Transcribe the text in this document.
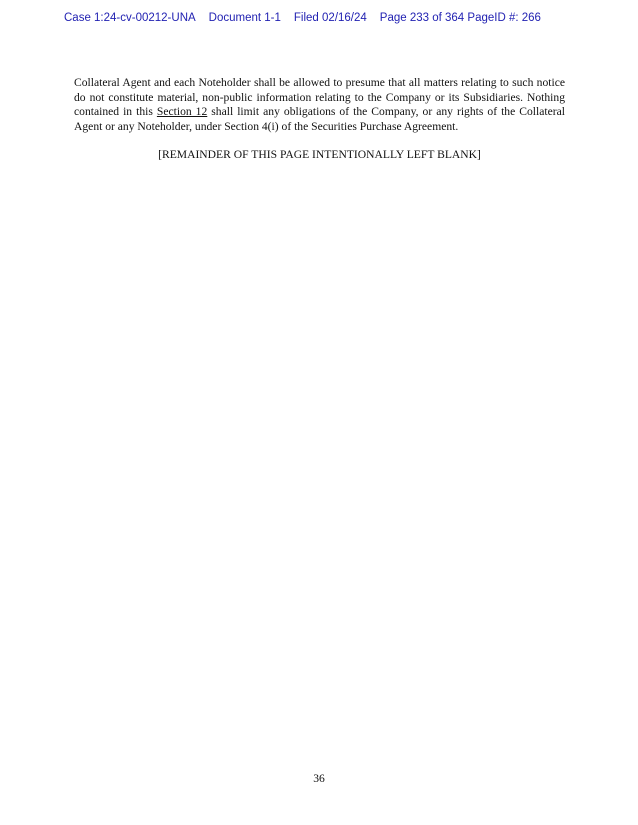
Case 1:24-cv-00212-UNA Document 1-1 Filed 02/16/24 Page 233 of 364 PageID #: 266

Collateral Agent and each Noteholder shall be allowed to presume that all matters relating to such notice do not constitute material, non-public information relating to the Company or its Subsidiaries. Nothing contained in this Section 12 shall limit any obligations of the Company, or any rights of the Collateral Agent or any Noteholder, under Section 4(i) of the Securities Purchase Agreement.

[REMAINDER OF THIS PAGE INTENTIONALLY LEFT BLANK]

36
